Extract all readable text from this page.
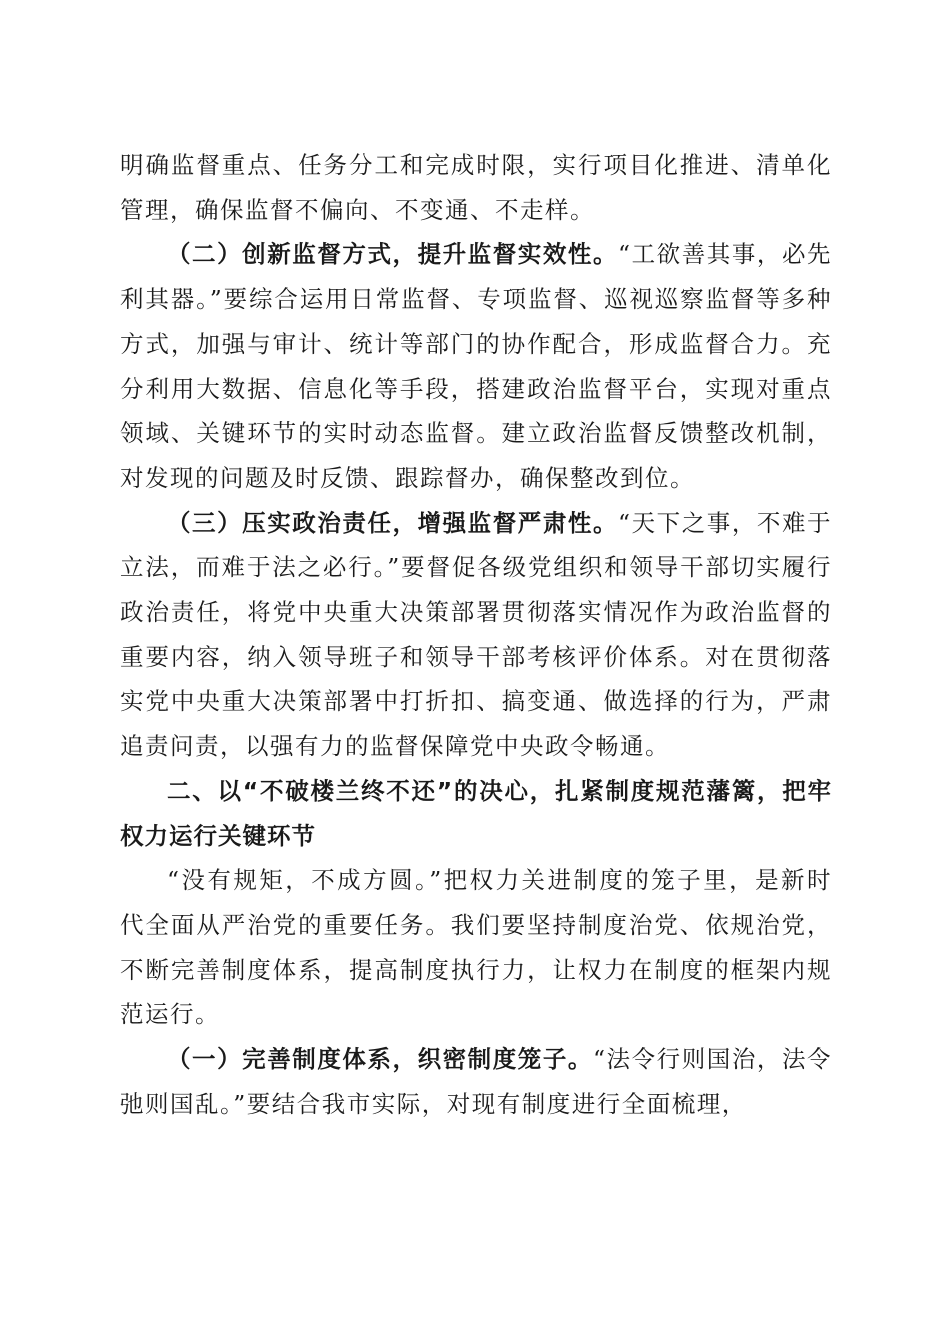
明确监督重点、任务分工和完成时限，实行项目化推进、清单化管理，确保监督不偏向、不变通、不走样。

（二）创新监督方式，提升监督实效性。“工欲善其事，必先利其器。”要综合运用日常监督、专项监督、巡视巡察监督等多种方式，加强与审计、统计等部门的协作配合，形成监督合力。充分利用大数据、信息化等手段，搭建政治监督平台，实现对重点领域、关键环节的实时动态监督。建立政治监督反馈整改机制，对发现的问题及时反馈、跟踪督办，确保整改到位。

（三）压实政治责任，增强监督严肃性。“天下之事，不难于立法，而难于法之必行。”要督促各级党组织和领导干部切实履行政治责任，将党中央重大决策部署贯彻落实情况作为政治监督的重要内容，纳入领导班子和领导干部考核评价体系。对在贯彻落实党中央重大决策部署中打折扣、搞变通、做选择的行为，严肃追责问责，以强有力的监督保障党中央政令畅通。

二、以“不破楼兰终不还”的决心，扎紧制度规范藩篱，把牢权力运行关键环节

“没有规矩，不成方圆。”把权力关进制度的笼子里，是新时代全面从严治党的重要任务。我们要坚持制度治党、依规治党，不断完善制度体系，提高制度执行力，让权力在制度的框架内规范运行。

（一）完善制度体系，织密制度笼子。“法令行则国治，法令弛则国乱。”要结合我市实际，对现有制度进行全面梳理，
